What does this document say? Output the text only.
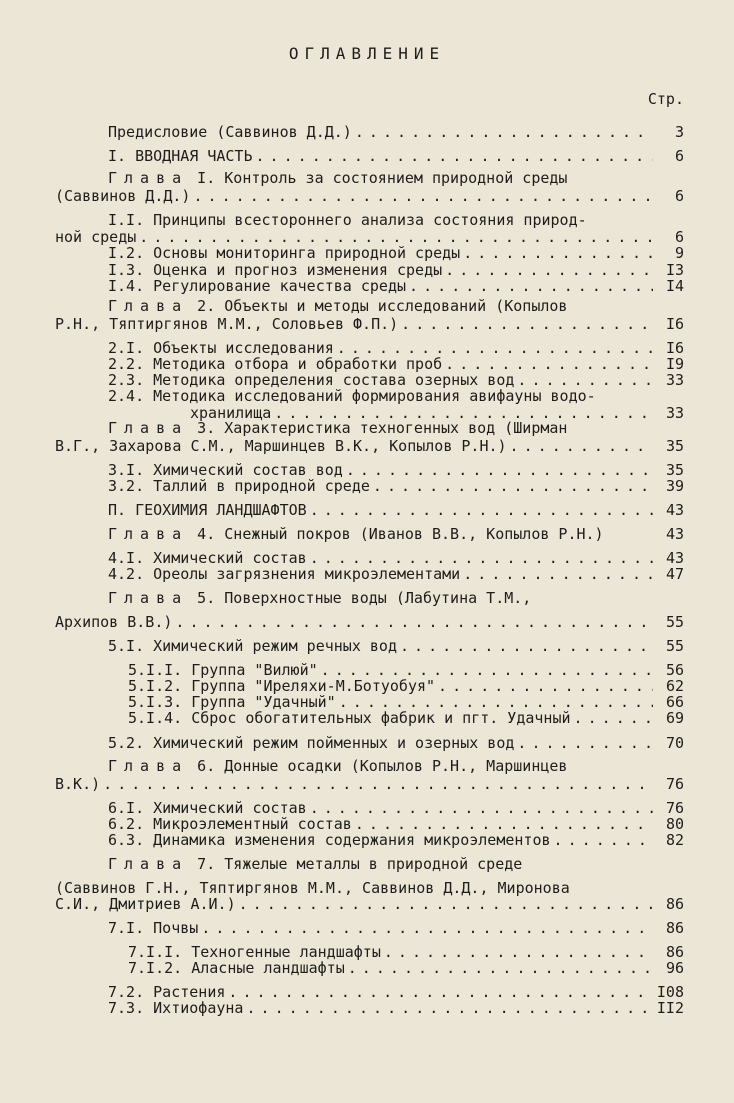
ОГЛАВЛЕНИЕ
Стр.
Предисловие (Саввинов Д.Д.) . . .	3
I. ВВОДНАЯ ЧАСТЬ . . .	6
Глава I. Контроль за состоянием природной среды
(Саввинов Д.Д.) . . .	6
I.I. Принципы всестороннего анализа состояния природ-
ной среды . . .	6
I.2. Основы мониторинга природной среды . . .	9
I.3. Оценка и прогноз изменения среды . . .	I3
I.4. Регулирование качества среды . . .	I4
Глава 2. Объекты и методы исследований (Копылов
Р.Н., Тяптиргянов М.М., Соловьев Ф.П.) . . .	I6
2.I. Объекты исследования . . .	I6
2.2. Методика отбора и обработки проб . . .	I9
2.3. Методика определения состава озерных вод . . .	33
2.4. Методика исследований формирования авифауны водо-
хранилища . . .	33
Глава 3. Характеристика техногенных вод (Ширман
В.Г., Захарова С.М., Маршинцев В.К., Копылов Р.Н.) . . .	35
3.I. Химический состав вод . . .	35
3.2. Таллий в природной среде . . .	39
П. ГЕОХИМИЯ ЛАНДШАФТОВ . . .	43
Глава 4. Снежный покров (Иванов В.В., Копылов Р.Н.)	43
4.I. Химический состав . . .	43
4.2. Ореолы загрязнения микроэлементами . . .	47
Глава 5. Поверхностные воды (Лабутина Т.М.,
Архипов В.В.) . . .	55
5.I. Химический режим речных вод . . .	55
5.I.I. Группа "Вилюй" . . .	56
5.I.2. Группа "Иреляхи-М.Ботуобуя" . . .	62
5.I.3. Группа "Удачный" . . .	66
5.I.4. Сброс обогатительных фабрик и пгт. Удачный . . .	69
5.2. Химический режим пойменных и озерных вод . . .	70
Глава 6. Донные осадки (Копылов Р.Н., Маршинцев
В.К.) . . .	76
6.I. Химический состав . . .	76
6.2. Микроэлементный состав . . .	80
6.3. Динамика изменения содержания микроэлементов . . .	82
Глава 7. Тяжелые металлы в природной среде
(Саввинов Г.Н., Тяптиргянов М.М., Саввинов Д.Д., Миронова
С.И., Дмитриев А.И.) . . .	86
7.I. Почвы . . .	86
7.I.I. Техногенные ландшафты . . .	86
7.I.2. Аласные ландшафты . . .	96
7.2. Растения . . .	I08
7.3. Ихтиофауна . . .	II2
